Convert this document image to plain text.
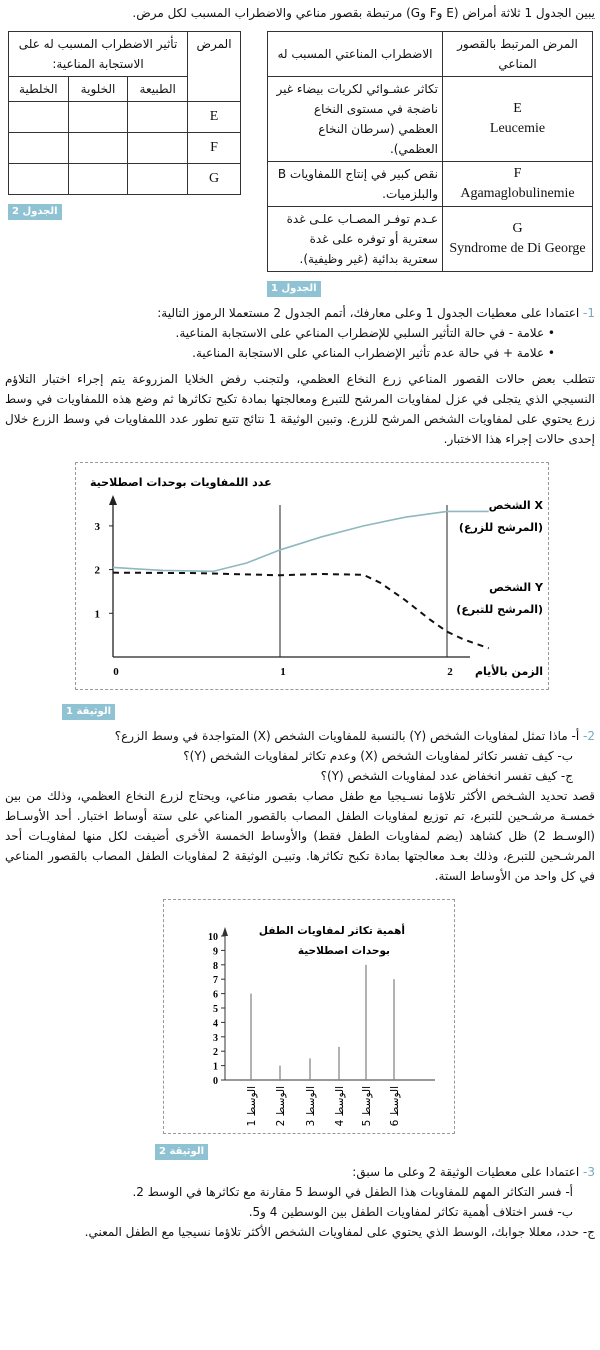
يبين الجدول 1 ثلاثة أمراض (E وF وG) مرتبطة بقصور مناعي والاضطراب المسبب لكل مرض.
المرض	تأثير الاضطراب المسبب له على الاستجابة المناعية:		
	الطبيعة	الخلوية	الخلطية
E			
F			
G			
الجدول 2
المرض المرتبط بالقصور المناعي	الاضطراب المناعتي المسبب له

E
Leucemie	تكاثر عشـوائي لكريات بيضاء غير ناضجة في مستوى النخاع العظمي (سرطان النخاع العظمي).

F
Agamaglobulinemie	نقص كبير في إنتاج اللمفاويات B والبلزميات.

G
Syndrome de Di George	عـدم توفـر المصـاب علـى غدة سعترية أو توفره على غدة سعترية بدائية (غير وظيفية).
الجدول 1
1- اعتمادا على معطيات الجدول 1 وعلى معارفك، أتمم الجدول 2 مستعملا الرموز التالية:
• علامة - في حالة التأثير السلبي للإضطراب المناعي على الاستجابة المناعية.
• علامة + في حالة عدم تأثير الإضطراب المناعي على الاستجابة المناعية.
تتطلب بعض حالات القصور المناعي زرع النخاع العظمي، ولتجنب رفض الخلايا المزروعة يتم إجراء اختبار التلاؤم النسيجي الذي يتجلى في عزل لمفاويات المرشح للتبرع ومعالجتها بمادة تكبح تكاثرها ثم وضع هذه اللمفاويات في وسط زرع يحتوي على لمفاويات الشخص المرشح للزرع. وتبين الوثيقة 1 نتائج تتبع تطور عدد اللمفاويات في وسط الزرع خلال إحدى حالات إجراء هذا الاختبار.
1
2
3
0	1	2
عدد اللمفاويات بوحدات اصطلاحية
الزمن بالأيام
الشخص X
(المرشح للزرع)
الشخص Y
(المرشح للتبرع)
الوثيقة 1
2- أ- ماذا تمثل لمفاويات الشخص (Y) بالنسبة للمفاويات الشخص (X) المتواجدة في وسط الزرع؟
ب- كيف تفسر تكاثر لمفاويات الشخص (X) وعدم تكاثر لمفاويات الشخص (Y)؟
ج- كيف تفسر انخفاض عدد لمفاويات الشخص (Y)؟
قصد تحديد الشـخص الأكثر تلاؤما نسـيجيا مع طفل مصاب بقصور مناعي، ويحتاج لزرع النخاع العظمي، وذلك من بين خمسـة مرشـحين للتبرع، تم توزيع لمفاويات الطفل المصاب بالقصور المناعي على ستة أوساط اختبار. أحد الأوسـاط (الوسـط 2) ظل كشاهد (يضم لمفاويات الطفل فقط) والأوساط الخمسة الأخرى أضيفت لكل منها لمفاويـات أحد المرشـحين للتبرع، وذلك بعـد معالجتها بمادة تكبح تكاثرها. وتبيـن الوثيقة 2 لمفاويات الطفل المصاب بالقصور المناعي في كل واحد من الأوساط الستة.
0
1
2
3
4
5
6
7
8
9
10
أهمية تكاثر لمفاويات الطفل
بوحدات اصطلاحية
الوسط 1
الوسط 2
الوسط 3
الوسط 4
الوسط 5
الوسط 6
الوثيقة 2
3- اعتمادا على معطيات الوثيقة 2 وعلى ما سبق:
أ- فسر التكاثر المهم للمفاويات هذا الطفل في الوسط 5 مقارنة مع تكاثرها في الوسط 2.
ب- فسر اختلاف أهمية تكاثر لمفاويات الطفل بين الوسطين 4 و5.
ج- حدد، معللا جوابك، الوسط الذي يحتوي على لمفاويات الشخص الأكثر تلاؤما نسيجيا مع الطفل المعني.
